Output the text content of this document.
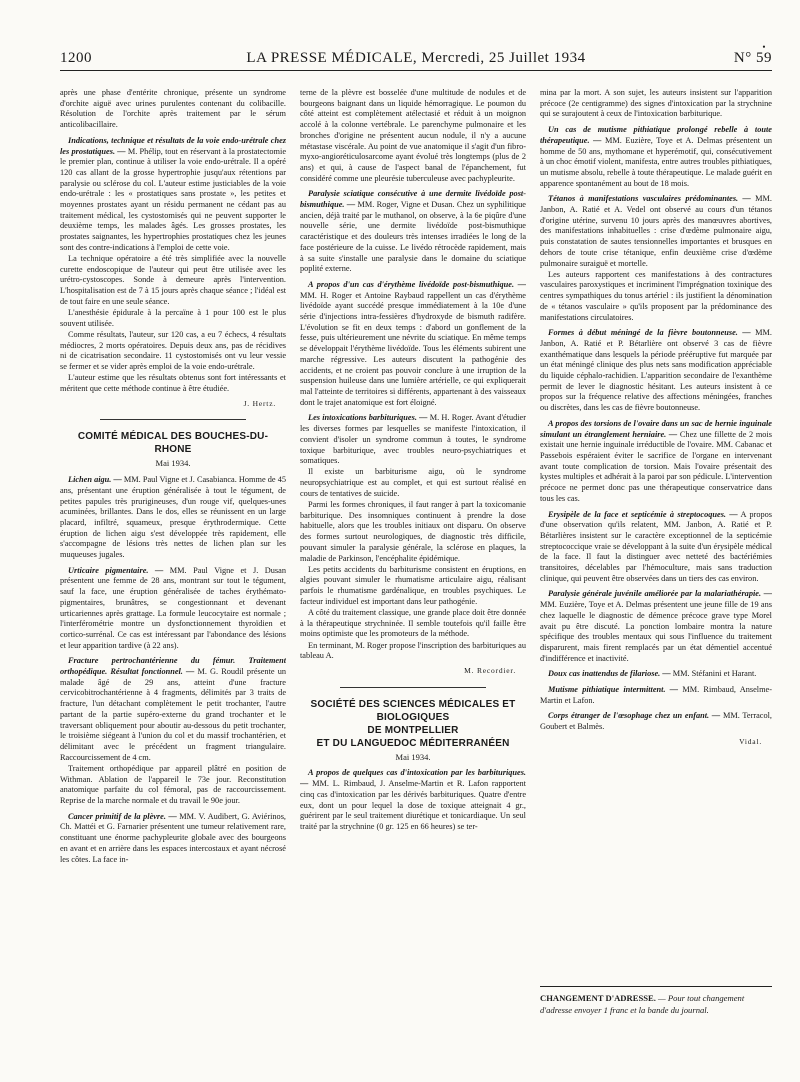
1200	LA PRESSE MÉDICALE, Mercredi, 25 Juillet 1934
•
N° 59

après une phase d'entérite chronique, présente un syndrome d'orchite aiguë avec urines purulentes contenant du colibacille. Résolution de l'orchite après traitement par le sérum anticolibacillaire.

Indications, technique et résultats de la voie endo-urétrale chez les prostatiques. — M. Phélip, tout en réservant à la prostatectomie le premier plan, continue à utiliser la voie endo-urétrale. Il a opéré 120 cas allant de la grosse hypertrophie jusqu'aux rétentions par paralysie ou sclérose du col. L'auteur estime justiciables de la voie endo-urétrale : les « prostatiques sans prostate », les petites et moyennes prostates ayant un résidu permanent ne cédant pas au traitement médical, les cystostomisés qui ne peuvent supporter le deuxième temps, les malades âgés. Les grosses prostates, les prostates saignantes, les hypertrophies prostatiques chez les jeunes sont des contre-indications à l'emploi de cette voie.

La technique opératoire a été très simplifiée avec la nouvelle curette endoscopique de l'auteur qui peut être utilisée avec les urétro-cystoscopes. Sonde à demeure après l'intervention. L'hospitalisation est de 7 à 15 jours après chaque séance ; l'idéal est de tout faire en une seule séance.

L'anesthésie épidurale à la percaïne à 1 pour 100 est le plus souvent utilisée.

Comme résultats, l'auteur, sur 120 cas, a eu 7 échecs, 4 résultats médiocres, 2 morts opératoires. Depuis deux ans, pas de récidives ni de cicatrisation secondaire. 11 cystostomisés ont vu leur vessie se fermer et se vider après emploi de la voie endo-urétrale.

L'auteur estime que les résultats obtenus sont fort intéressants et méritent que cette méthode continue à être étudiée.

J. Hertz.
COMITÉ MÉDICAL DES BOUCHES-DU-RHONE
Mai 1934.

Lichen aigu. — MM. Paul Vigne et J. Casabianca. Homme de 45 ans, présentant une éruption généralisée à tout le tégument, de petites papules très prurigineuses, d'un rouge vif, quelques-unes acuminées, brillantes. Dans le dos, elles se réunissent en un large placard, infiltré, squameux, presque érythrodermique. Cette éruption de lichen aigu s'est développée très rapidement, elle s'accompagne de lésions très nettes de lichen plan sur les muqueuses jugales.

Urticaire pigmentaire. — MM. Paul Vigne et J. Dusan présentent une femme de 28 ans, montrant sur tout le tégument, sauf la face, une éruption généralisée de taches érythémato-pigmentaires, brunâtres, se congestionnant et devenant urticariennes après grattage. La formule leucocytaire est normale ; l'interférométrie montre un dysfonctionnement thyroïdien et cortico-surrénal. Ce cas est intéressant par l'abondance des lésions et leur apparition tardive (à 22 ans).

Fracture pertrochantérienne du fémur. Traitement orthopédique. Résultat fonctionnel. — M. G. Roudil présente un malade âgé de 29 ans, atteint d'une fracture cervicobitrochantérienne à 4 fragments, délimités par 3 traits de fracture, l'un détachant complètement le petit trochanter, l'autre partant de la partie supéro-externe du grand trochanter et le traversant obliquement pour aboutir au-dessous du petit trochanter, le troisième siégeant à l'union du col et du massif trochantérien, et délimitant avec le précédent un fragment triangulaire. Raccourcissement de 4 cm.

Traitement orthopédique par appareil plâtré en position de Withman. Ablation de l'appareil le 73e jour. Reconstitution anatomique parfaite du col fémoral, pas de raccourcissement. Reprise de la marche normale et du travail le 90e jour.

Cancer primitif de la plèvre. — MM. V. Audibert, G. Aviérinos, Ch. Mattéi et G. Farnarier présentent une tumeur relativement rare, constituant une énorme pachypleurite globale avec des bourgeons en avant et en arrière dans les espaces intercostaux et ayant nécrosé les côtes. La face in-

terne de la plèvre est bosselée d'une multitude de nodules et de bourgeons baignant dans un liquide hémorragique. Le poumon du côté atteint est complètement atélectasié et réduit à un moignon accolé à la colonne vertébrale. Le parenchyme pulmonaire et les bronches d'origine ne présentent aucun nodule, il n'y a aucune métastase viscérale. Au point de vue anatomique il s'agit d'un fibro-myxo-angioréticulosarcome ayant évolué très longtemps (plus de 2 ans) et qui, à cause de l'aspect banal de l'épanchement, fut considéré comme une pleurésie tuberculeuse avec pachypleurite.

Paralysie sciatique consécutive à une dermite livédoïde post-bismuthique. — MM. Roger, Vigne et Dusan. Chez un syphilitique ancien, déjà traité par le muthanol, on observe, à la 6e piqûre d'une nouvelle série, une dermite livédoïde post-bismuthique caractéristique et des douleurs très intenses irradiées le long de la face postérieure de la cuisse. Le livédo rétrocède rapidement, mais à sa suite s'installe une paralysie dans le domaine du sciatique poplité externe.

A propos d'un cas d'érythème livédoïde post-bismuthique. — MM. H. Roger et Antoine Raybaud rappellent un cas d'érythème livédoïde ayant succédé presque immédiatement à la 10e d'une série d'injections intra-fessières d'hydroxyde de bismuth radifère. L'évolution se fit en deux temps : d'abord un gonflement de la fesse, puis ultérieurement une névrite du sciatique. En même temps se développait l'érythème livédoïde. Tous les éléments subirent une marche régressive. Les auteurs discutent la pathogénie des accidents, et ne croient pas pouvoir conclure à une irruption de la suspension huileuse dans une lumière artérielle, ce qui expliquerait mal l'atteinte de territoires si différents, appartenant à des vaisseaux dont le trajet anatomique est fort éloigné.

Les intoxications barbituriques. — M. H. Roger. Avant d'étudier les diverses formes par lesquelles se manifeste l'intoxication, il convient d'isoler un syndrome commun à toutes, le syndrome toxique barbiturique, avec troubles neuro-psychiatriques et somatiques.

Il existe un barbiturisme aigu, où le syndrome neuropsychiatrique est au complet, et qui est surtout réalisé en cours de tentatives de suicide.

Parmi les formes chroniques, il faut ranger à part la toxicomanie barbiturique. Des insomniques continuent à prendre la dose habituelle, alors que les troubles initiaux ont disparu. On observe des formes surtout neurologiques, de diagnostic très difficile, pouvant simuler la paralysie générale, la sclérose en plaques, la maladie de Parkinson, l'encéphalite épidémique.

Les petits accidents du barbiturisme consistent en éruptions, en algies pouvant simuler le rhumatisme articulaire aigu, réalisant parfois le rhumatisme gardénalique, en troubles psychiques. Le facteur individuel est important dans leur pathogénie.

A côté du traitement classique, une grande place doit être donnée à la thérapeutique strychninée. Il semble toutefois qu'il faille être moins optimiste que les promoteurs de la méthode.

En terminant, M. Roger propose l'inscription des barbituriques au tableau A.

M. Recordier.
SOCIÉTÉ DES SCIENCES MÉDICALES ET BIOLOGIQUES
DE MONTPELLIER
ET DU LANGUEDOC MÉDITERRANÉEN
Mai 1934.

A propos de quelques cas d'intoxication par les barbituriques. — MM. L. Rimbaud, J. Anselme-Martin et R. Lafon rapportent cinq cas d'intoxication par les dérivés barbituriques. Quatre d'entre eux, dont un pour lequel la dose de toxique atteignait 4 gr., guérirent par le seul traitement diurétique et tonicardiaque. Un seul traité par la strychnine (0 gr. 125 en 66 heures) se ter-

mina par la mort. A son sujet, les auteurs insistent sur l'apparition précoce (2e centigramme) des signes d'intoxication par la strychnine qui se surajoutent à ceux de l'intoxication barbiturique.

Un cas de mutisme pithiatique prolongé rebelle à toute thérapeutique. — MM. Euzière, Toye et A. Delmas présentent un homme de 50 ans, mythomane et hyperémotif, qui, consécutivement à un choc émotif violent, manifesta, entre autres troubles pithiatiques, un mutisme absolu, rebelle à toute thérapeutique. Le malade guérit en apparence spontanément au bout de 18 mois.

Tétanos à manifestations vasculaires prédominantes. — MM. Janbon, A. Ratié et A. Vedel ont observé au cours d'un tétanos d'origine utérine, survenu 10 jours après des manœuvres abortives, des manifestations inhabituelles : crise d'œdème pulmonaire aigu, puis constatation de sautes tensionnelles importantes et brusques en dehors de toute crise tétanique, enfin deuxième crise d'œdème pulmonaire suraiguë et mortelle.

Les auteurs rapportent ces manifestations à des contractures vasculaires paroxystiques et incriminent l'imprégnation toxinique des centres sympathiques du tonus artériel : ils justifient la dénomination de « tétanos vasculaire » qu'ils proposent par la prédominance des manifestations circulatoires.

Formes à début méningé de la fièvre boutonneuse. — MM. Janbon, A. Ratié et P. Bétarlière ont observé 3 cas de fièvre exanthématique dans lesquels la période prééruptive fut marquée par un état méningé clinique des plus nets sans modification appréciable du liquide céphalo-rachidien. L'apparition secondaire de l'exanthème permit de lever le diagnostic hésitant. Les auteurs insistent à ce propos sur la fréquence relative des affections méningées, franches ou discrètes, dans les cas de fièvre boutonneuse.

A propos des torsions de l'ovaire dans un sac de hernie inguinale simulant un étranglement herniaire. — Chez une fillette de 2 mois existait une hernie inguinale irréductible de l'ovaire. MM. Cabanac et Passebois espéraient éviter le sacrifice de l'organe en intervenant avant toute complication de torsion. Mais l'ovaire présentait des kystes multiples et adhérait à la paroi par son pédicule. L'intervention précoce ne permet donc pas une thérapeutique conservatrice dans tous les cas.

Erysipèle de la face et septicémie à streptocoques. — A propos d'une observation qu'ils relatent, MM. Janbon, A. Ratié et P. Bétarlières insistent sur le caractère exceptionnel de la septicémie streptococcique vraie se développant à la suite d'un érysipèle médical de la face. Il faut la distinguer avec netteté des bactériémies transitoires, décelables par l'hémoculture, mais sans traduction clinique, qui peuvent être observées dans un tiers des cas environ.

Paralysie générale juvénile améliorée par la malariathérapie. — MM. Euzière, Toye et A. Delmas présentent une jeune fille de 19 ans chez laquelle le diagnostic de démence précoce grave type Morel avait pu être discuté. La ponction lombaire montra la nature spécifique des troubles mentaux qui sous l'influence du traitement disparurent, mais firent remplacés par un état démentiel accentué d'indifférence et inactivité.

Doux cas inattendus de filariose. — MM. Stéfanini et Harant.

Mutisme pithiatique intermittent. — MM. Rimbaud, Anselme-Martin et Lafon.

Corps étranger de l'œsophage chez un enfant. — MM. Terracol, Goubert et Balmès.

Vidal.
CHANGEMENT D'ADRESSE. — Pour tout changement d'adresse envoyer 1 franc et la bande du journal.
